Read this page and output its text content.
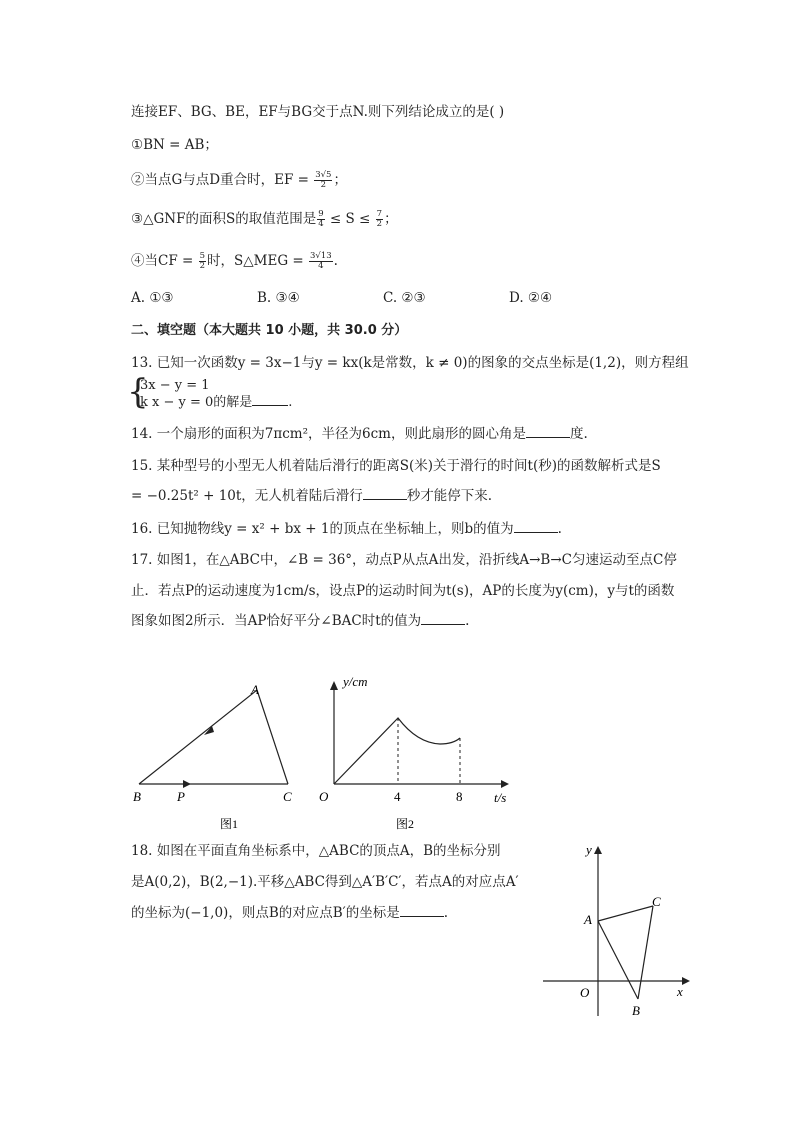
连接EF、BG、BE，EF与BG交于点N.则下列结论成立的是( )
①BN = AB；
②当点G与点D重合时，EF = $\frac{3√5}{2}$ ；
③△GNF的面积S的取值范围是 $\frac{9}{4} \le S \le \frac{7}{2}$ ；
④当CF = $\frac{5}{2}$ 时，S△MEG = $\frac{3√13}{4}$ .
A. ①③	B. ③④	C. ②③	D. ②④
二、填空题（本大题共 10 小题，共 30.0 分）
13. 已知一次函数y = 3x−1与y = kx(k是常数，k ≠ 0)的图象的交点坐标是(1,2)，则方程组
{
3x − y = 1
k x − y = 0的解是	.
14. 一个扇形的面积为7πcm²，半径为6cm，则此扇形的圆心角是	度.
15. 某种型号的小型无人机着陆后滑行的距离S(米)关于滑行的时间t(秒)的函数解析式是S
= −0.25t² + 10t，无人机着陆后滑行	秒才能停下来.
16. 已知抛物线y = x² + bx + 1的顶点在坐标轴上，则b的值为	.
17. 如图1，在△ABC中，∠B = 36°，动点P从点A出发，沿折线A→B→C匀速运动至点C停
止．若点P的运动速度为1cm/s，设点P的运动时间为t(s)，AP的长度为y(cm)，y与t的函数
图象如图2所示．当AP恰好平分∠BAC时t的值为	.
A
B	P	C
图1
y/cm
O	4	8 t/s
图2
18. 如图在平面直角坐标系中，△ABC的顶点A，B的坐标分别
是A(0,2)，B(2,−1).平移△ABC得到△A′B′C′，若点A的对应点A′
的坐标为(−1,0)，则点B的对应点B′的坐标是	.
y
x
O
A
C
B
